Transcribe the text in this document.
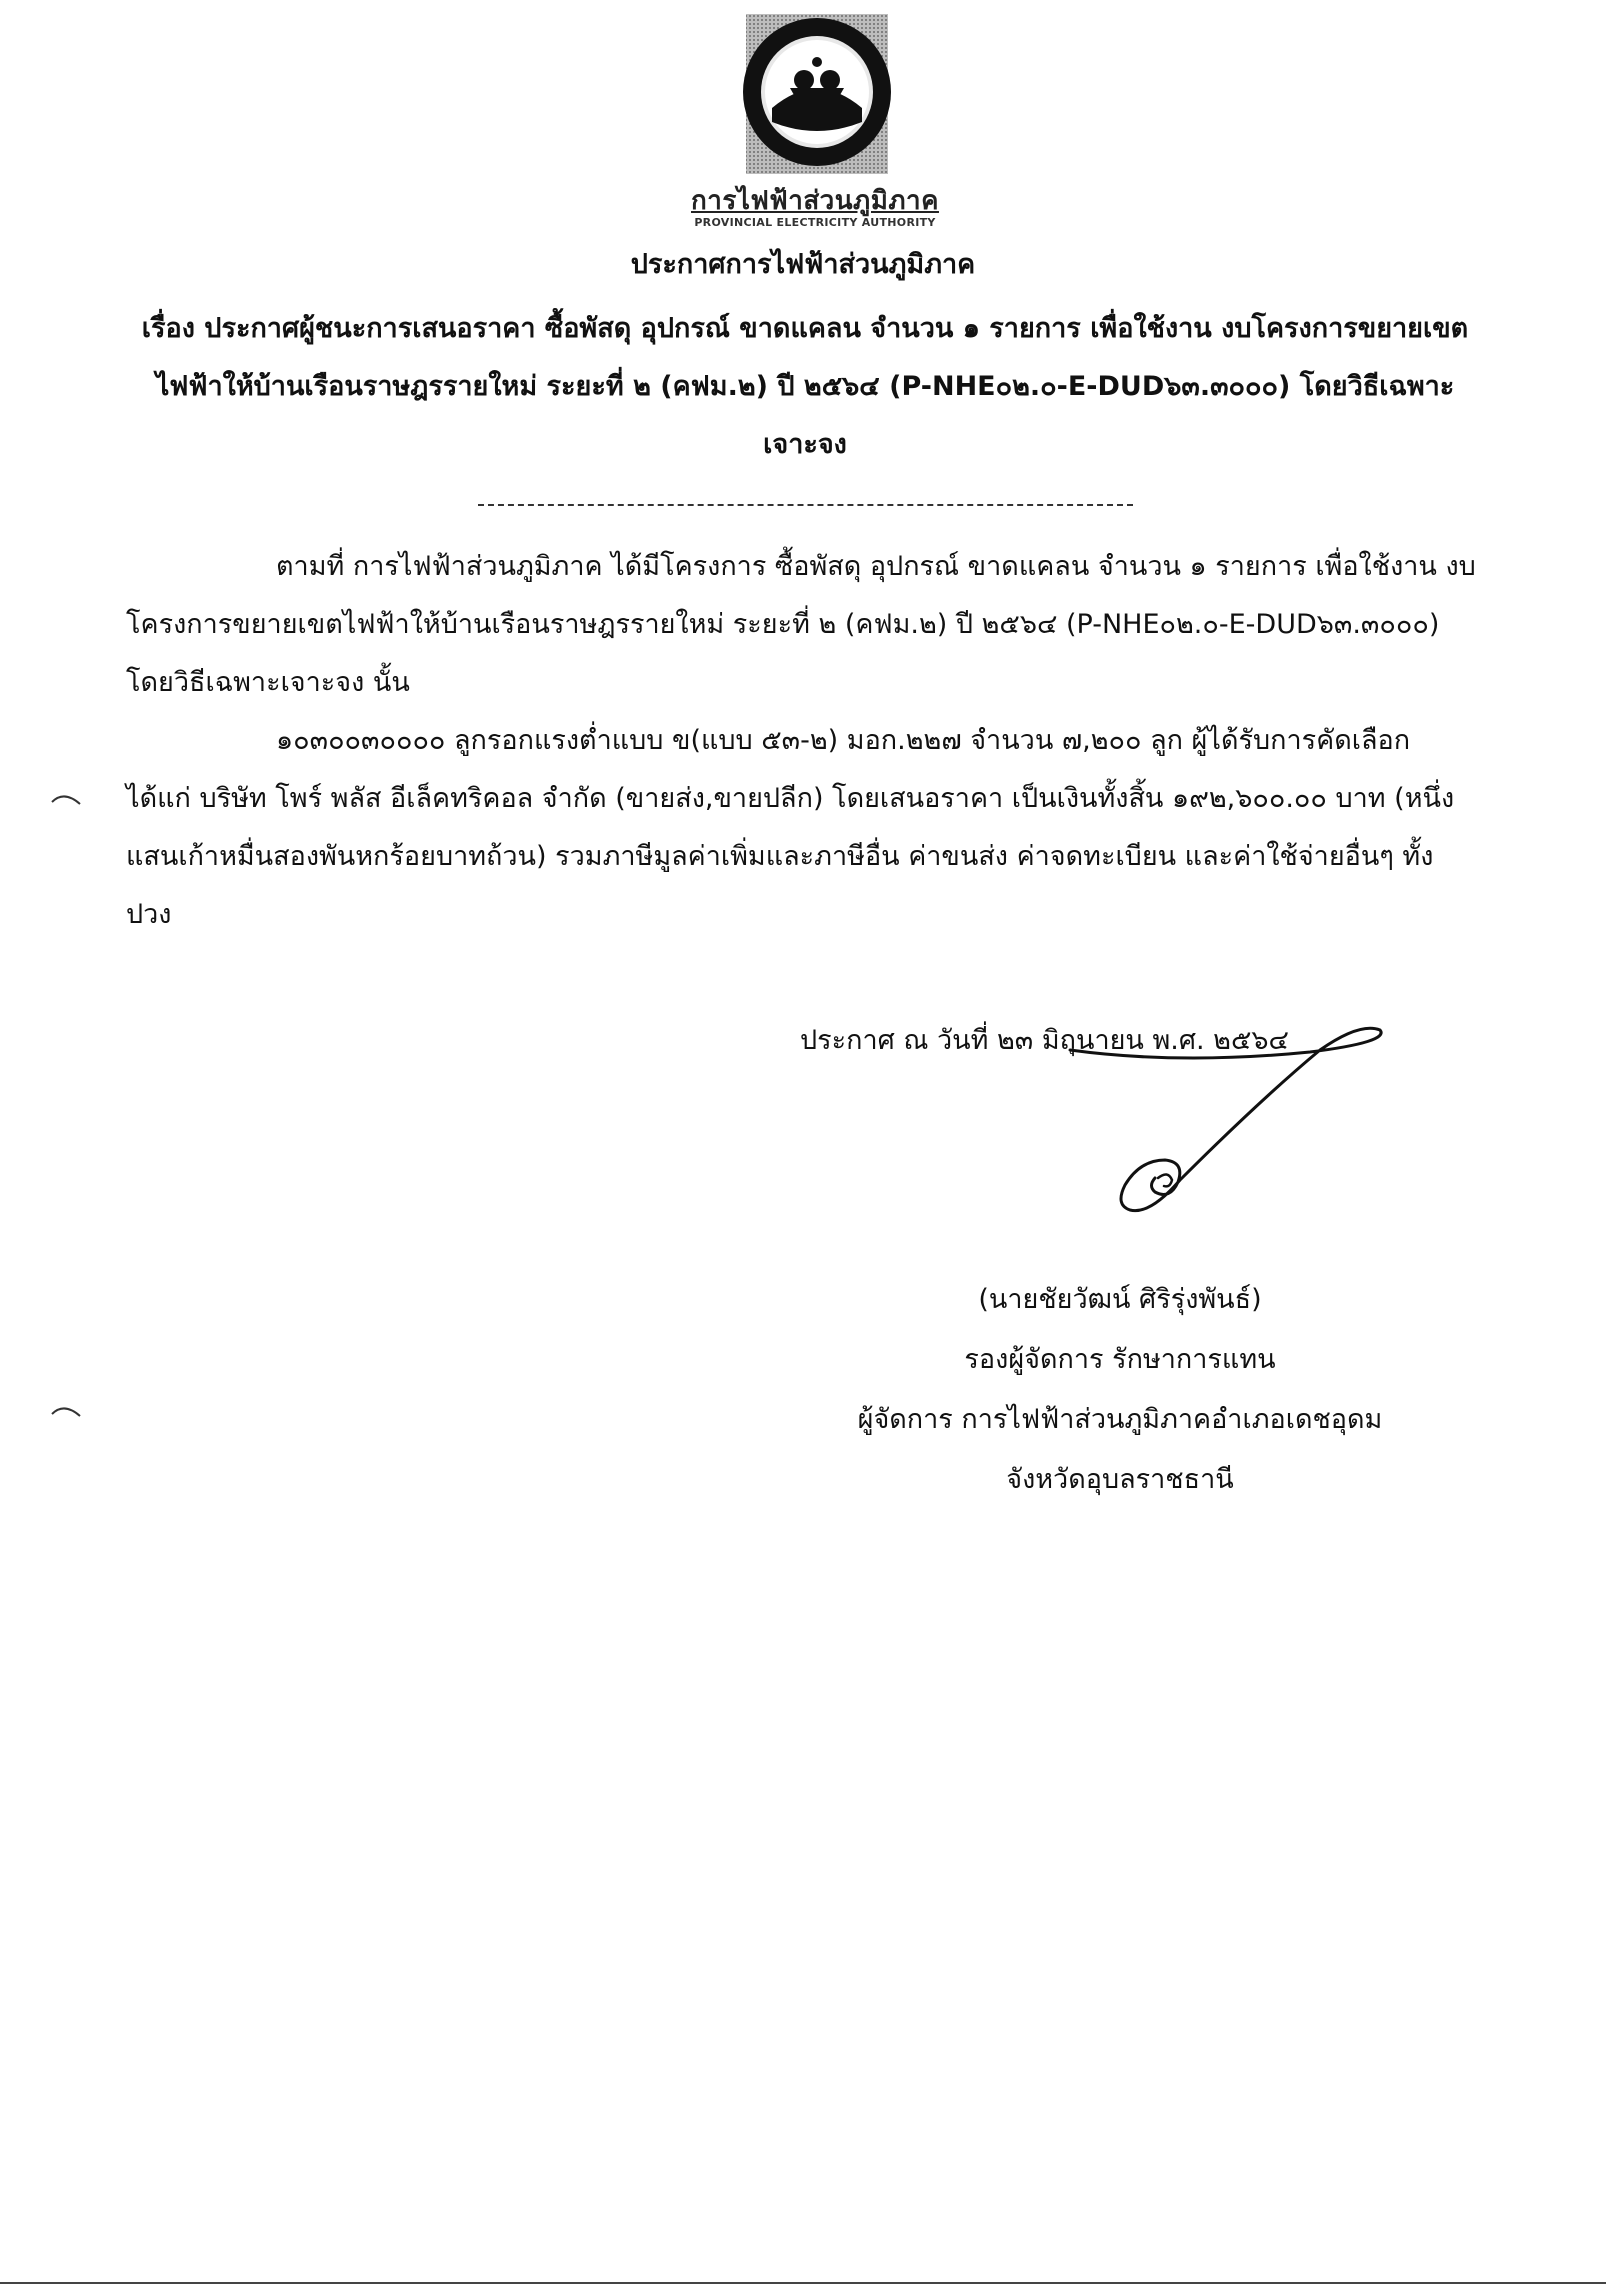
การไฟฟ้าส่วนภูมิภาค
PROVINCIAL ELECTRICITY AUTHORITY
ประกาศการไฟฟ้าส่วนภูมิภาค
เรื่อง ประกาศผู้ชนะการเสนอราคา ซื้อพัสดุ อุปกรณ์ ขาดแคลน จำนวน ๑ รายการ เพื่อใช้งาน งบโครงการขยายเขตไฟฟ้าให้บ้านเรือนราษฎรรายใหม่ ระยะที่ ๒ (คฟม.๒) ปี ๒๕๖๔ (P-NHE๐๒.๐-E-DUD๖๓.๓๐๐๐) โดยวิธีเฉพาะเจาะจง
ตามที่ การไฟฟ้าส่วนภูมิภาค ได้มีโครงการ ซื้อพัสดุ อุปกรณ์ ขาดแคลน จำนวน ๑ รายการ เพื่อใช้งาน งบโครงการขยายเขตไฟฟ้าให้บ้านเรือนราษฎรรายใหม่ ระยะที่ ๒ (คฟม.๒) ปี ๒๕๖๔ (P-NHE๐๒.๐-E-DUD๖๓.๓๐๐๐) โดยวิธีเฉพาะเจาะจง นั้น
๑๐๓๐๐๓๐๐๐๐ ลูกรอกแรงต่ำแบบ ข(แบบ ๕๓-๒) มอก.๒๒๗ จำนวน ๗,๒๐๐ ลูก ผู้ได้รับการคัดเลือก ได้แก่ บริษัท โพร์ พลัส อีเล็คทริคอล จำกัด (ขายส่ง,ขายปลีก) โดยเสนอราคา เป็นเงินทั้งสิ้น ๑๙๒,๖๐๐.๐๐ บาท (หนึ่งแสนเก้าหมื่นสองพันหกร้อยบาทถ้วน) รวมภาษีมูลค่าเพิ่มและภาษีอื่น ค่าขนส่ง ค่าจดทะเบียน และค่าใช้จ่ายอื่นๆ ทั้งปวง
ประกาศ ณ วันที่ ๒๓ มิถุนายน พ.ศ. ๒๕๖๔
(นายชัยวัฒน์ ศิริรุ่งพันธ์)
รองผู้จัดการ รักษาการแทน
ผู้จัดการ การไฟฟ้าส่วนภูมิภาคอำเภอเดชอุดม
จังหวัดอุบลราชธานี
